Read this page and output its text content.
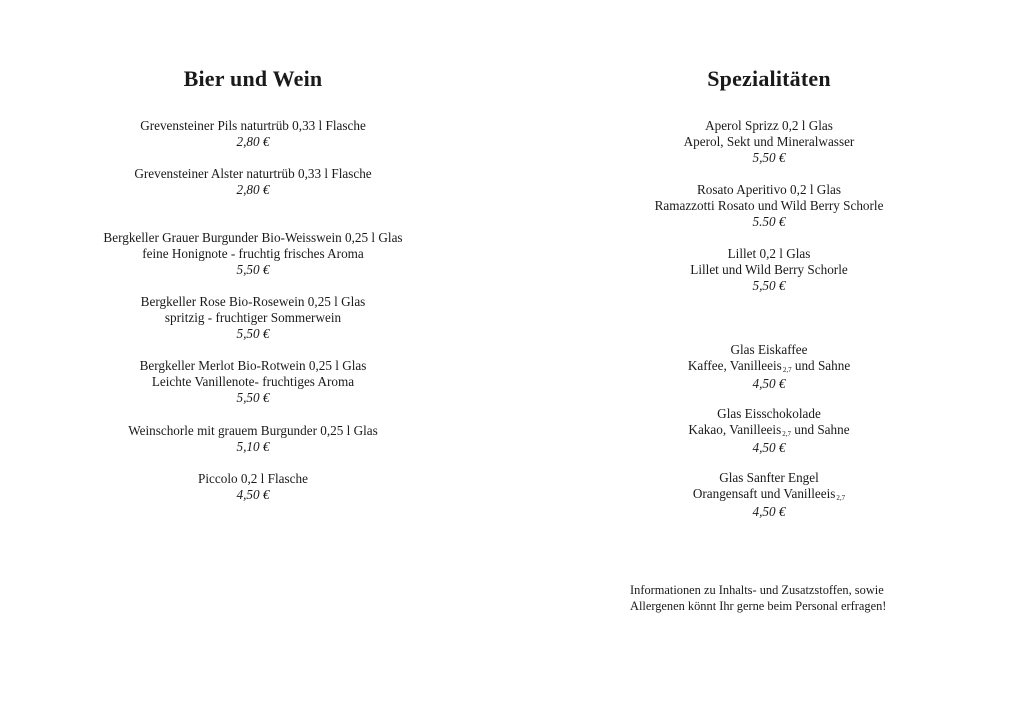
Bier und Wein
Grevensteiner Pils naturtrüb 0,33 l Flasche
2,80 €
Grevensteiner Alster naturtrüb 0,33 l Flasche
2,80 €
Bergkeller Grauer Burgunder Bio-Weisswein 0,25 l Glas
feine Honignote - fruchtig frisches Aroma
5,50 €
Bergkeller Rose Bio-Rosewein 0,25 l Glas
spritzig - fruchtiger Sommerwein
5,50 €
Bergkeller Merlot Bio-Rotwein 0,25 l Glas
Leichte Vanillenote- fruchtiges Aroma
5,50 €
Weinschorle mit grauem Burgunder 0,25 l Glas
5,10 €
Piccolo 0,2 l Flasche
4,50 €
Spezialitäten
Aperol Sprizz 0,2 l Glas
Aperol, Sekt und Mineralwasser
5,50 €
Rosato Aperitivo 0,2 l Glas
Ramazzotti Rosato und Wild Berry Schorle
5.50 €
Lillet 0,2 l Glas
Lillet und Wild Berry Schorle
5,50 €
Glas Eiskaffee
Kaffee, Vanilleeis2,7 und Sahne
4,50 €
Glas Eisschokolade
Kakao, Vanilleeis2,7 und Sahne
4,50 €
Glas Sanfter Engel
Orangensaft und Vanilleeis2,7
4,50 €
Informationen zu Inhalts- und Zusatzstoffen, sowie
Allergenen könnt Ihr gerne beim Personal erfragen!
